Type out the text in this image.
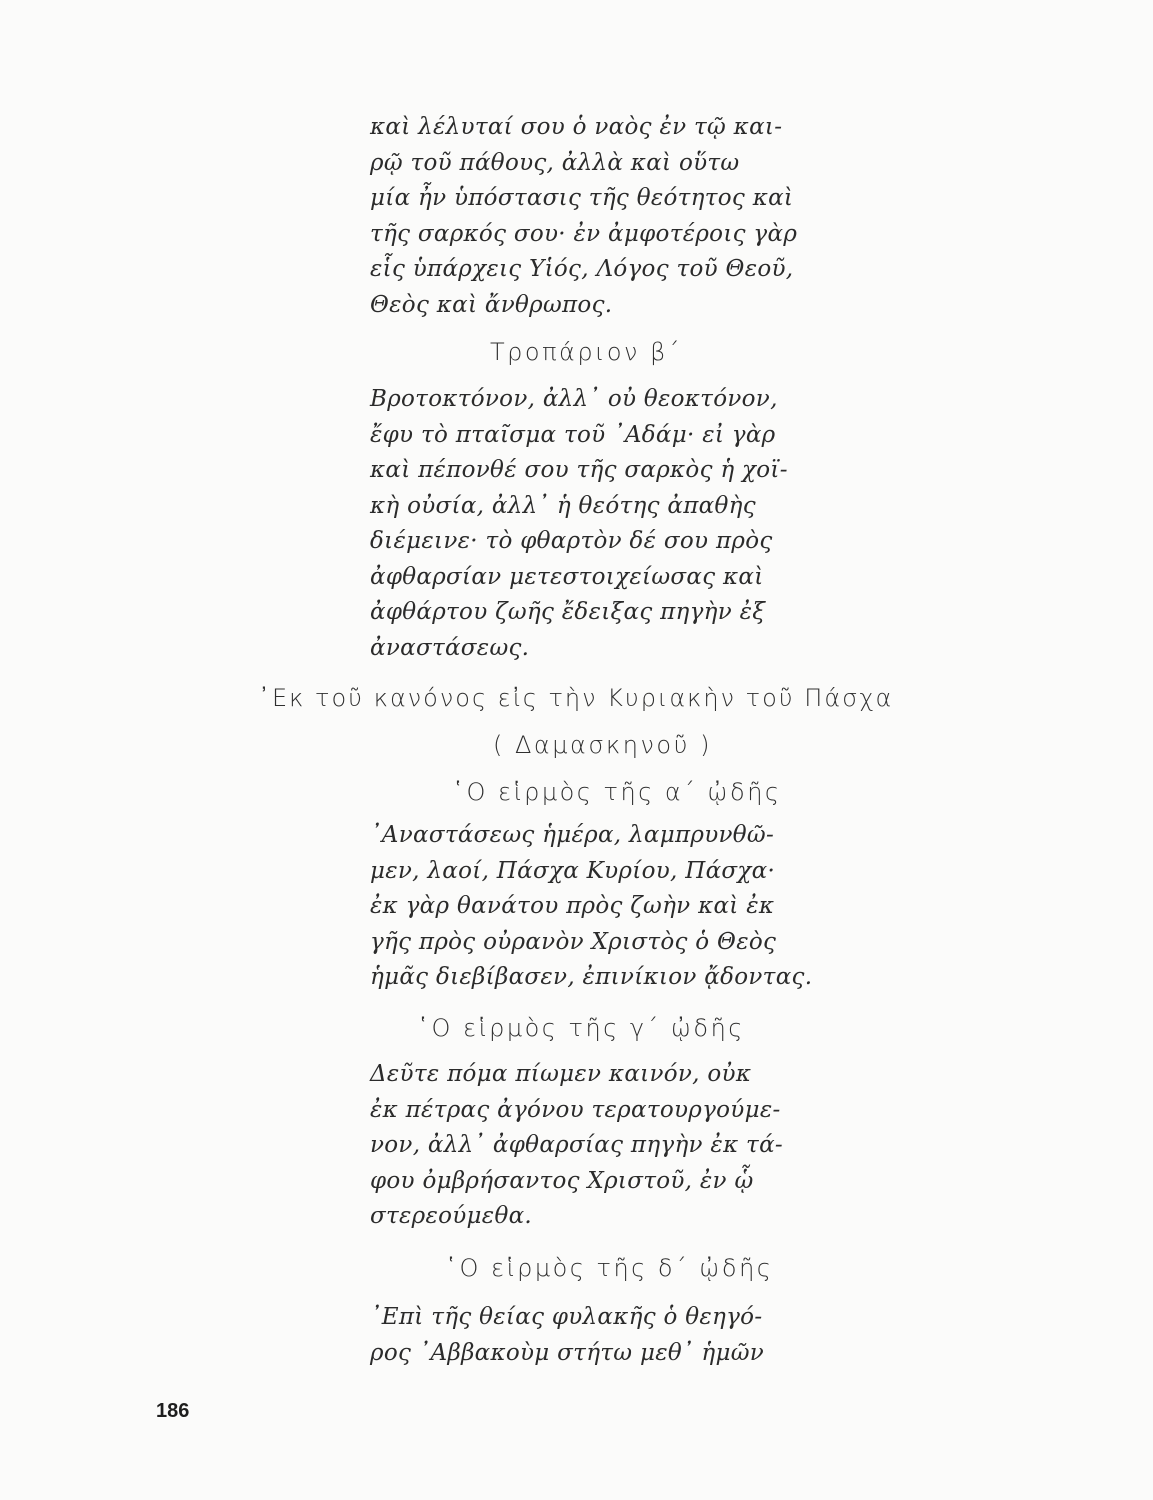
καὶ λέλυταί σου ὁ ναὸς ἐν τῷ και-
ρῷ τοῦ πάθους, ἀλλὰ καὶ οὕτω
μία ἦν ὑπόστασις τῆς θεότητος καὶ
τῆς σαρκός σου· ἐν ἀμφοτέροις γὰρ
εἷς ὑπάρχεις Υἱός, Λόγος τοῦ Θεοῦ,
Θεὸς καὶ ἄνθρωπος.
Τροπάριον β΄
Βροτοκτόνον, ἀλλ᾽ οὐ θεοκτόνον,
ἔφυ τὸ πταῖσμα τοῦ ᾽Αδάμ· εἰ γὰρ
καὶ πέπονθέ σου τῆς σαρκὸς ἡ χοϊ-
κὴ οὐσία, ἀλλ᾽ ἡ θεότης ἀπαθὴς
διέμεινε· τὸ φθαρτὸν δέ σου πρὸς
ἀφθαρσίαν μετεστοιχείωσας καὶ
ἀφθάρτου ζωῆς ἔδειξας πηγὴν ἐξ
ἀναστάσεως.
᾽Εκ τοῦ κανόνος εἰς τὴν Κυριακὴν τοῦ Πάσχα
( Δαμασκηνοῦ )
῾Ο εἱρμὸς τῆς α΄ ᾠδῆς
᾽Αναστάσεως ἡμέρα, λαμπρυνθῶ-
μεν, λαοί, Πάσχα Κυρίου, Πάσχα·
ἐκ γὰρ θανάτου πρὸς ζωὴν καὶ ἐκ
γῆς πρὸς οὐρανὸν Χριστὸς ὁ Θεὸς
ἡμᾶς διεβίβασεν, ἐπινίκιον ᾄδοντας.
῾Ο εἱρμὸς τῆς γ΄ ᾠδῆς
Δεῦτε πόμα πίωμεν καινόν, οὐκ
ἐκ πέτρας ἀγόνου τερατουργούμε-
νον, ἀλλ᾽ ἀφθαρσίας πηγὴν ἐκ τά-
φου ὀμβρήσαντος Χριστοῦ, ἐν ᾧ
στερεούμεθα.
῾Ο εἱρμὸς τῆς δ΄ ᾠδῆς
᾽Επὶ τῆς θείας φυλακῆς ὁ θεηγό-
ρος ᾽Αββακοὺμ στήτω μεθ᾽ ἡμῶν
186
